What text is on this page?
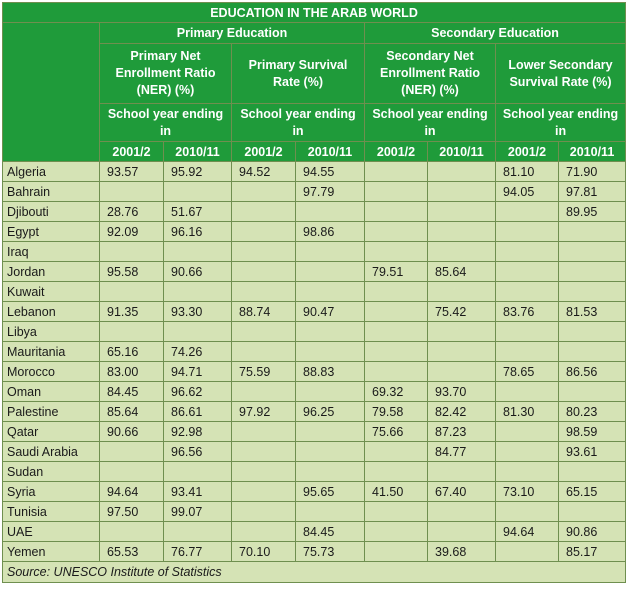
EDUCATION IN THE ARAB WORLD								
	Primary Education				Secondary Education			
	Primary Net Enrollment Ratio (NER) (%)		Primary Survival Rate (%)		Secondary Net Enrollment Ratio (NER) (%)		Lower Secondary Survival Rate (%)	
	School year ending in		School year ending in		School year ending in		School year ending in	
	2001/2	2010/11	2001/2	2010/11	2001/2	2010/11	2001/2	2010/11
Algeria	93.57	95.92	94.52	94.55			81.10	71.90
Bahrain				97.79			94.05	97.81
Djibouti	28.76	51.67						89.95
Egypt	92.09	96.16		98.86				
Iraq								
Jordan	95.58	90.66			79.51	85.64		
Kuwait								
Lebanon	91.35	93.30	88.74	90.47		75.42	83.76	81.53
Libya								
Mauritania	65.16	74.26						
Morocco	83.00	94.71	75.59	88.83			78.65	86.56
Oman	84.45	96.62			69.32	93.70		
Palestine	85.64	86.61	97.92	96.25	79.58	82.42	81.30	80.23
Qatar	90.66	92.98			75.66	87.23		98.59
Saudi Arabia		96.56				84.77		93.61
Sudan								
Syria	94.64	93.41		95.65	41.50	67.40	73.10	65.15
Tunisia	97.50	99.07						
UAE				84.45			94.64	90.86
Yemen	65.53	76.77	70.10	75.73		39.68		85.17
Source: UNESCO Institute of Statistics								
